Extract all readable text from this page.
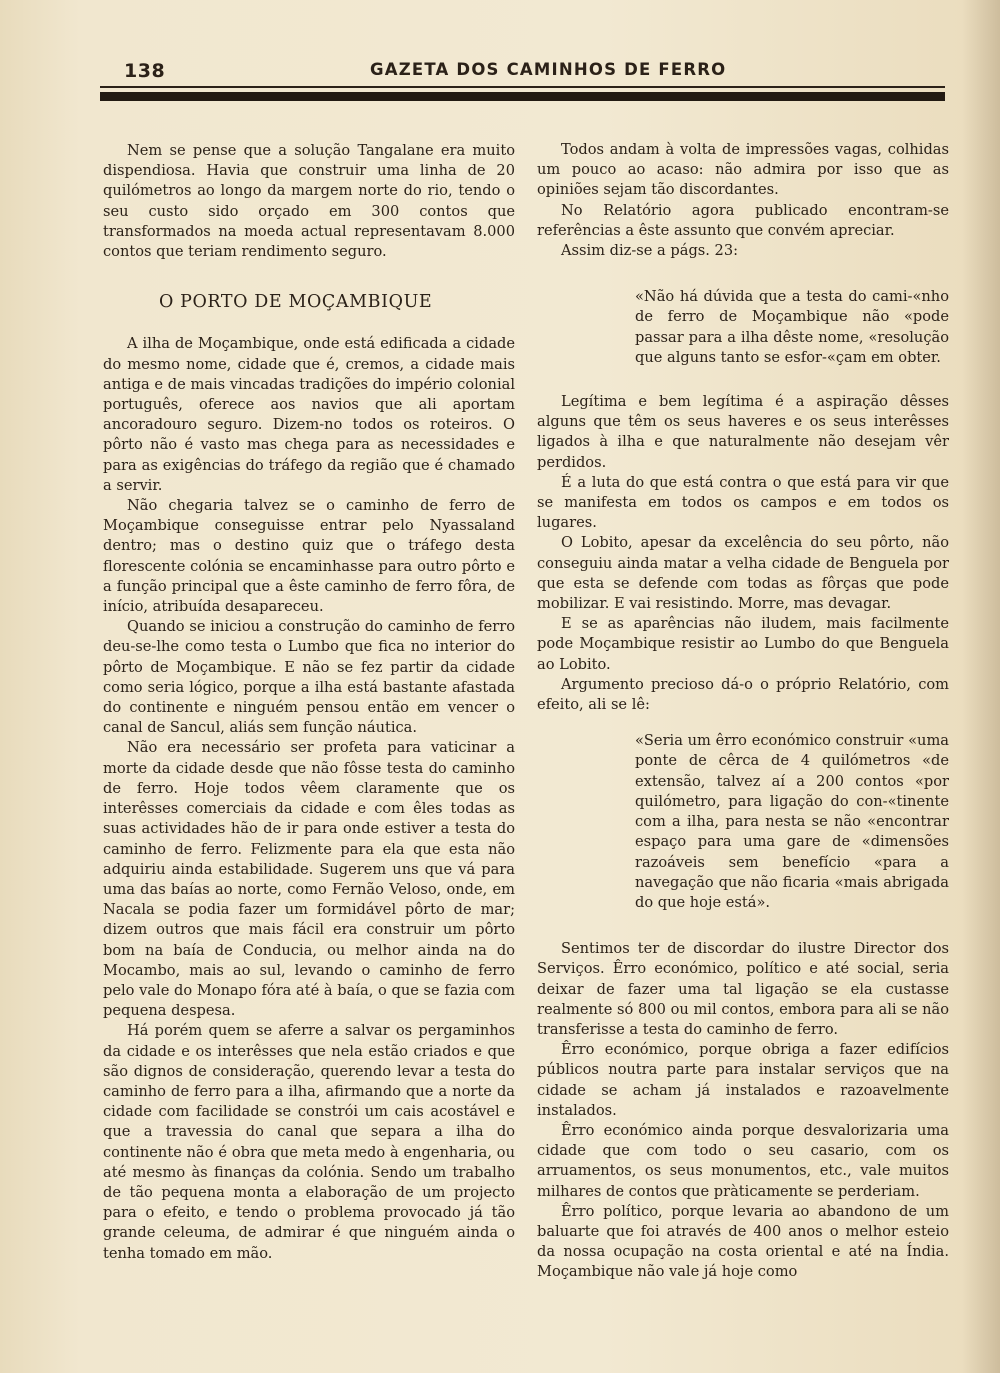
138	GAZETA DOS CAMINHOS DE FERRO

Nem se pense que a solução Tangalane era muito dispendiosa. Havia que construir uma linha de 20 quilómetros ao longo da margem norte do rio, tendo o seu custo sido orçado em 300 contos que transformados na moeda actual representavam 8.000 contos que teriam rendimento seguro.

O PORTO DE MOÇAMBIQUE

A ilha de Moçambique, onde está edificada a cidade do mesmo nome, cidade que é, cremos, a cidade mais antiga e de mais vincadas tradições do império colonial português, oferece aos navios que ali aportam ancoradouro seguro. Dizem-no todos os roteiros. O pôrto não é vasto mas chega para as necessidades e para as exigências do tráfego da região que é chamado a servir.

Não chegaria talvez se o caminho de ferro de Moçambique conseguisse entrar pelo Nyassaland dentro; mas o destino quiz que o tráfego desta florescente colónia se encaminhasse para outro pôrto e a função principal que a êste caminho de ferro fôra, de início, atribuída desapareceu.

Quando se iniciou a construção do caminho de ferro deu-se-lhe como testa o Lumbo que fica no interior do pôrto de Moçambique. E não se fez partir da cidade como seria lógico, porque a ilha está bastante afastada do continente e ninguém pensou então em vencer o canal de Sancul, aliás sem função náutica.

Não era necessário ser profeta para vaticinar a morte da cidade desde que não fôsse testa do caminho de ferro. Hoje todos vêem claramente que os interêsses comerciais da cidade e com êles todas as suas actividades hão de ir para onde estiver a testa do caminho de ferro. Felizmente para ela que esta não adquiriu ainda estabilidade. Sugerem uns que vá para uma das baías ao norte, como Fernão Veloso, onde, em Nacala se podia fazer um formidável pôrto de mar; dizem outros que mais fácil era construir um pôrto bom na baía de Conducia, ou melhor ainda na do Mocambo, mais ao sul, levando o caminho de ferro pelo vale do Monapo fóra até à baía, o que se fazia com pequena despesa.

Há porém quem se aferre a salvar os pergaminhos da cidade e os interêsses que nela estão criados e que são dignos de consideração, querendo levar a testa do caminho de ferro para a ilha, afirmando que a norte da cidade com facilidade se constrói um cais acostável e que a travessia do canal que separa a ilha do continente não é obra que meta medo à engenharia, ou até mesmo às finanças da colónia. Sendo um trabalho de tão pequena monta a elaboração de um projecto para o efeito, e tendo o problema provocado já tão grande celeuma, de admirar é que ninguém ainda o tenha tomado em mão.

Todos andam à volta de impressões vagas, colhidas um pouco ao acaso: não admira por isso que as opiniões sejam tão discordantes.

No Relatório agora publicado encontram-se referências a êste assunto que convém apreciar.

Assim diz-se a págs. 23:

«Não há dúvida que a testa do cami-«nho de ferro de Moçambique não «pode passar para a ilha dêste nome, «resolução que alguns tanto se esfor-«çam em obter.

Legítima e bem legítima é a aspiração dêsses alguns que têm os seus haveres e os seus interêsses ligados à ilha e que naturalmente não desejam vêr perdidos.

É a luta do que está contra o que está para vir que se manifesta em todos os campos e em todos os lugares.

O Lobito, apesar da excelência do seu pôrto, não conseguiu ainda matar a velha cidade de Benguela por que esta se defende com todas as fôrças que pode mobilizar. E vai resistindo. Morre, mas devagar.

E se as aparências não iludem, mais facilmente pode Moçambique resistir ao Lumbo do que Benguela ao Lobito.

Argumento precioso dá-o o próprio Relatório, com efeito, ali se lê:

«Seria um êrro económico construir «uma ponte de cêrca de 4 quilómetros «de extensão, talvez aí a 200 contos «por quilómetro, para ligação do con-«tinente com a ilha, para nesta se não «encontrar espaço para uma gare de «dimensões razoáveis sem benefício «para a navegação que não ficaria «mais abrigada do que hoje está».

Sentimos ter de discordar do ilustre Director dos Serviços. Êrro económico, político e até social, seria deixar de fazer uma tal ligação se ela custasse realmente só 800 ou mil contos, embora para ali se não transferisse a testa do caminho de ferro.

Êrro económico, porque obriga a fazer edifícios públicos noutra parte para instalar serviços que na cidade se acham já instalados e razoavelmente instalados.

Êrro económico ainda porque desvalorizaria uma cidade que com todo o seu casario, com os arruamentos, os seus monumentos, etc., vale muitos milhares de contos que pràticamente se perderiam.

Êrro político, porque levaria ao abandono de um baluarte que foi através de 400 anos o melhor esteio da nossa ocupação na costa oriental e até na Índia. Moçambique não vale já hoje como
